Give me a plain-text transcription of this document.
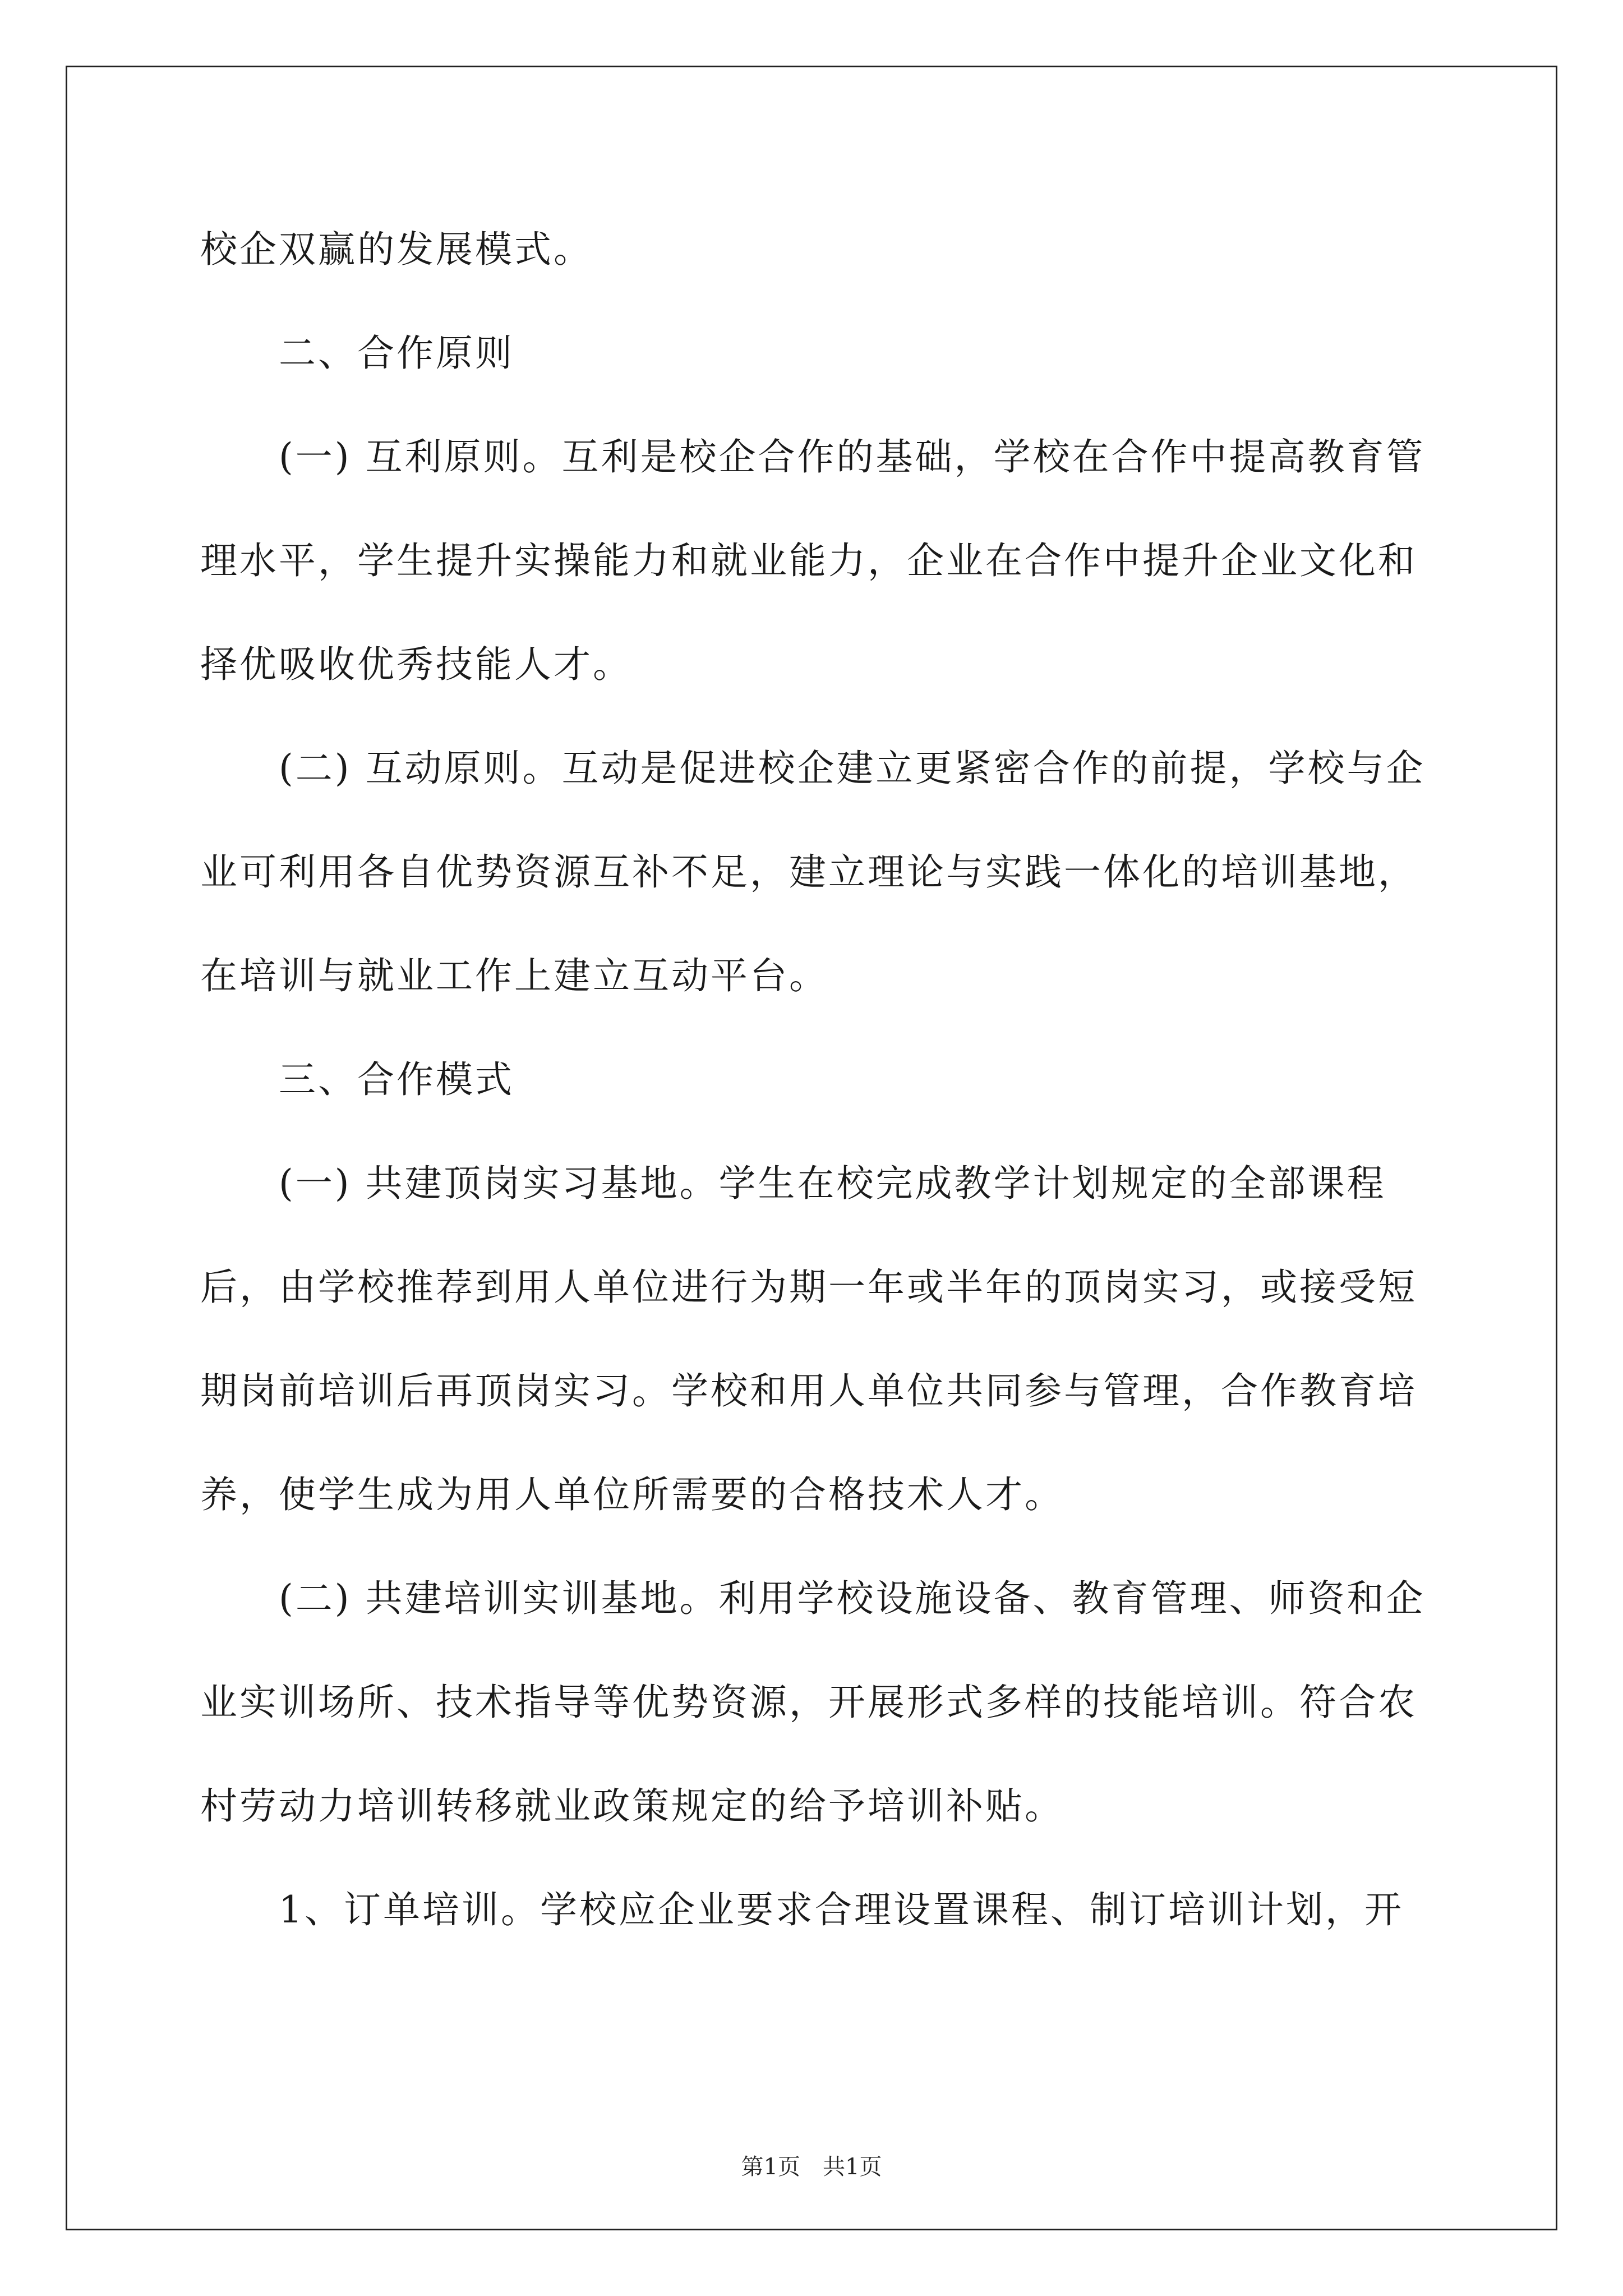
校企双赢的发展模式。

二、合作原则

(一) 互利原则。互利是校企合作的基础，学校在合作中提高教育管理水平，学生提升实操能力和就业能力，企业在合作中提升企业文化和择优吸收优秀技能人才。

(二) 互动原则。互动是促进校企建立更紧密合作的前提，学校与企业可利用各自优势资源互补不足，建立理论与实践一体化的培训基地，在培训与就业工作上建立互动平台。

三、合作模式

(一) 共建顶岗实习基地。学生在校完成教学计划规定的全部课程后，由学校推荐到用人单位进行为期一年或半年的顶岗实习，或接受短期岗前培训后再顶岗实习。学校和用人单位共同参与管理，合作教育培养，使学生成为用人单位所需要的合格技术人才。

(二) 共建培训实训基地。利用学校设施设备、教育管理、师资和企业实训场所、技术指导等优势资源，开展形式多样的技能培训。符合农村劳动力培训转移就业政策规定的给予培训补贴。

1、订单培训。学校应企业要求合理设置课程、制订培训计划，开

第1页　共1页
